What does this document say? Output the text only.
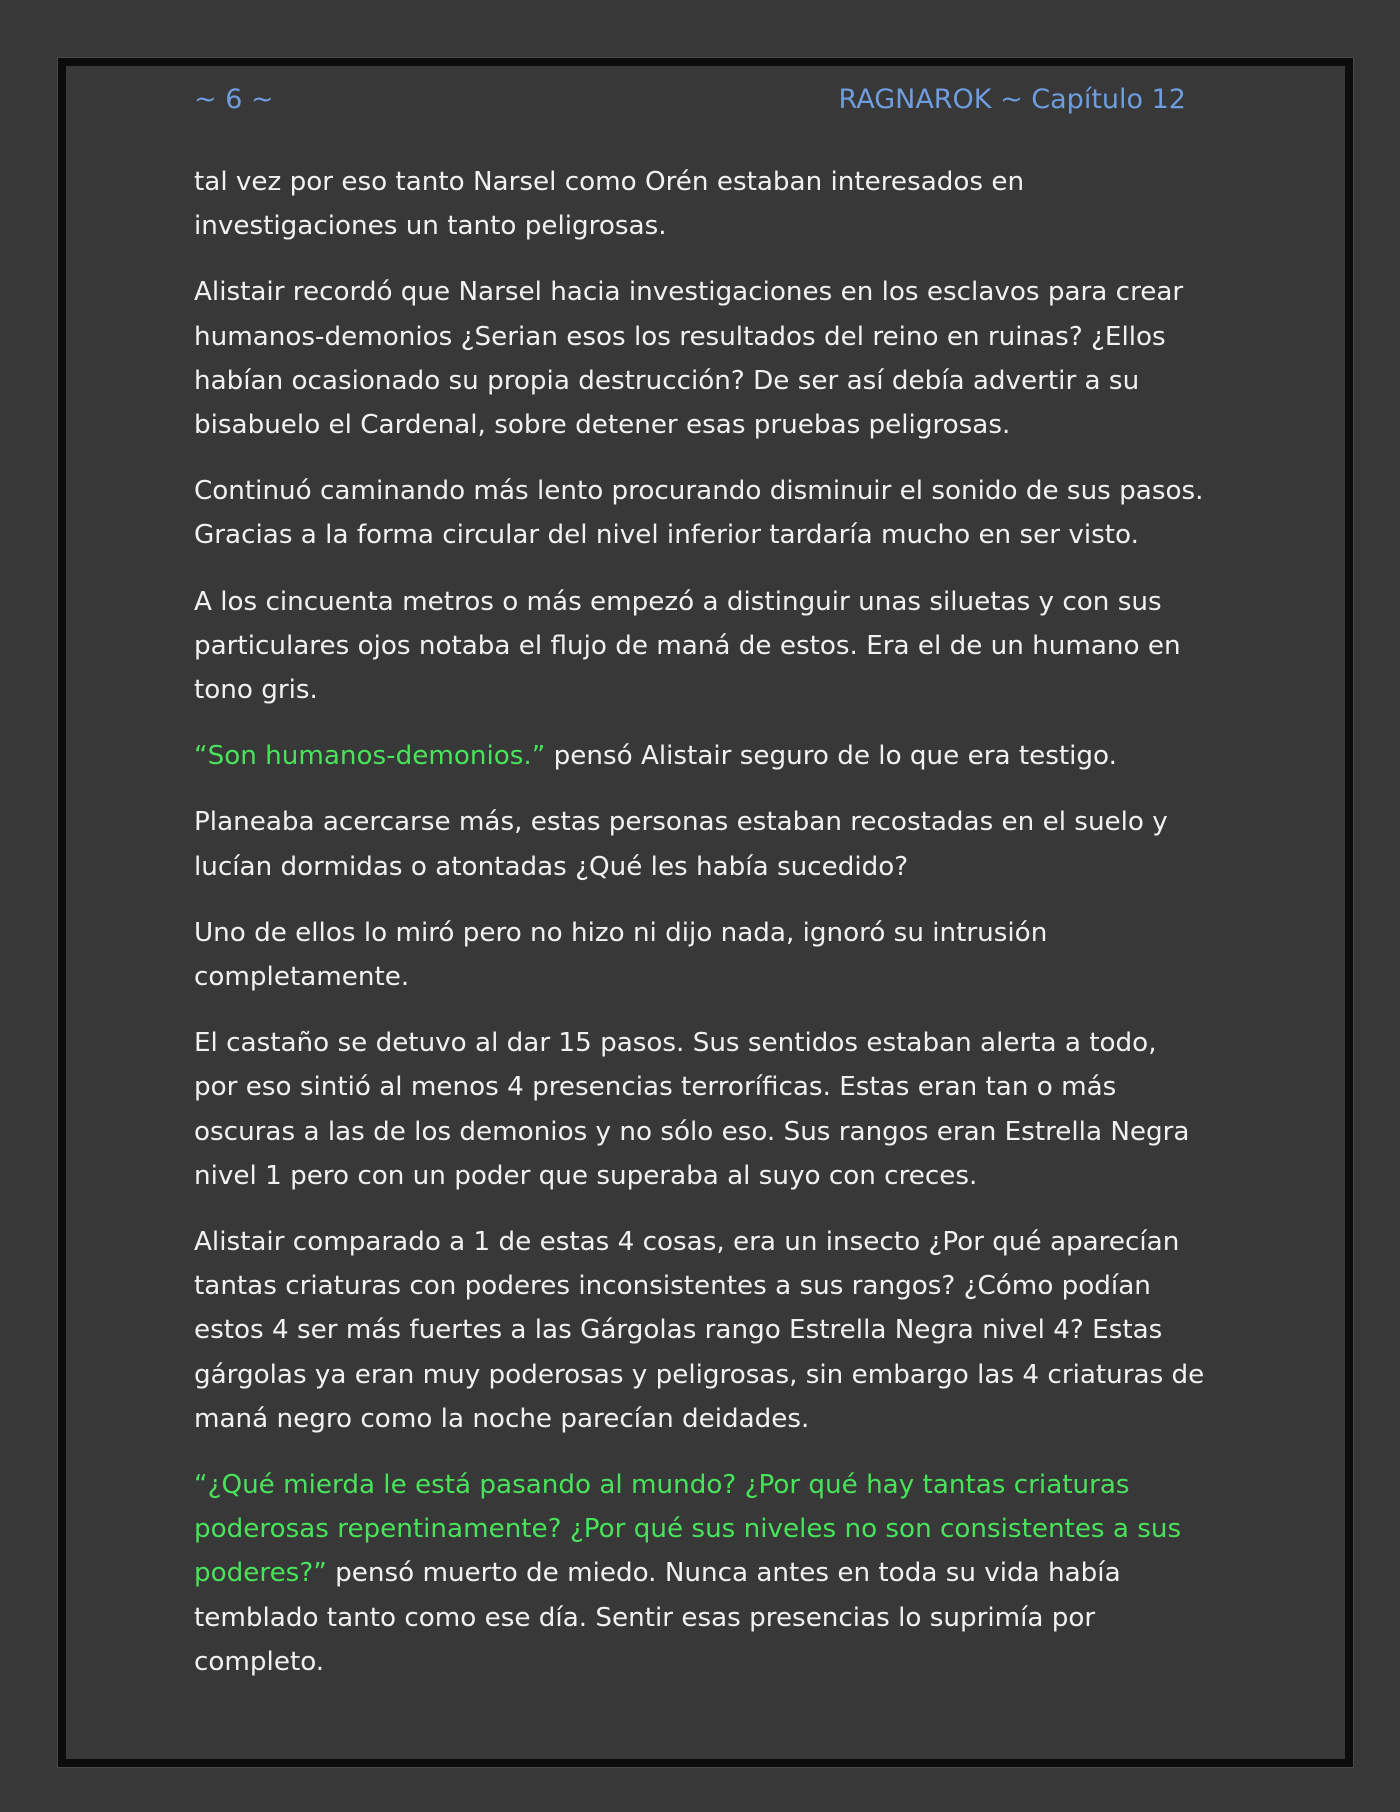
~ 6 ~	RAGNAROK ~ Capítulo 12

tal vez por eso tanto Narsel como Orén estaban interesados en investigaciones un tanto peligrosas.

Alistair recordó que Narsel hacia investigaciones en los esclavos para crear humanos-demonios ¿Serian esos los resultados del reino en ruinas? ¿Ellos habían ocasionado su propia destrucción? De ser así debía advertir a su bisabuelo el Cardenal, sobre detener esas pruebas peligrosas.

Continuó caminando más lento procurando disminuir el sonido de sus pasos. Gracias a la forma circular del nivel inferior tardaría mucho en ser visto.

A los cincuenta metros o más empezó a distinguir unas siluetas y con sus particulares ojos notaba el flujo de maná de estos. Era el de un humano en tono gris.

“Son humanos-demonios.” pensó Alistair seguro de lo que era testigo.

Planeaba acercarse más, estas personas estaban recostadas en el suelo y lucían dormidas o atontadas ¿Qué les había sucedido?

Uno de ellos lo miró pero no hizo ni dijo nada, ignoró su intrusión completamente.

El castaño se detuvo al dar 15 pasos. Sus sentidos estaban alerta a todo, por eso sintió al menos 4 presencias terroríficas. Estas eran tan o más oscuras a las de los demonios y no sólo eso. Sus rangos eran Estrella Negra nivel 1 pero con un poder que superaba al suyo con creces.

Alistair comparado a 1 de estas 4 cosas, era un insecto ¿Por qué aparecían tantas criaturas con poderes inconsistentes a sus rangos? ¿Cómo podían estos 4 ser más fuertes a las Gárgolas rango Estrella Negra nivel 4? Estas gárgolas ya eran muy poderosas y peligrosas, sin embargo las 4 criaturas de maná negro como la noche parecían deidades.

“¿Qué mierda le está pasando al mundo? ¿Por qué hay tantas criaturas poderosas repentinamente? ¿Por qué sus niveles no son consistentes a sus poderes?” pensó muerto de miedo. Nunca antes en toda su vida había temblado tanto como ese día. Sentir esas presencias lo suprimía por completo.
